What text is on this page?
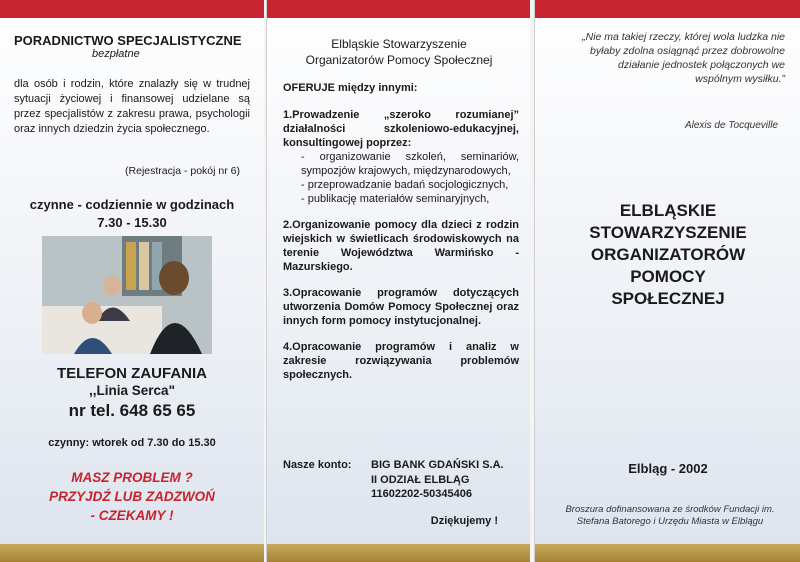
PORADNICTWO SPECJALISTYCZNE
bezpłatne
dla osób i rodzin, które znalazły się w trudnej sytuacji życiowej i finansowej udzielane są przez specjalistów z zakresu prawa, psychologii oraz innych dziedzin życia społecznego.
(Rejestracja - pokój nr 6)
czynne - codziennie w godzinach
7.30 - 15.30
TELEFON ZAUFANIA
,,Linia Serca"
nr tel. 648 65 65
czynny: wtorek od 7.30 do 15.30
MASZ PROBLEM ?
PRZYJDŹ LUB ZADZWOŃ
- CZEKAMY !
Elbląskie Stowarzyszenie
Organizatorów Pomocy Społecznej
OFERUJE między innymi:
1.Prowadzenie „szeroko rozumianej” działalności szkoleniowo-edukacyjnej, konsultingowej poprzez:
- organizowanie szkoleń, seminariów, sympozjów krajowych, międzynarodowych,
- przeprowadzanie badań socjologicznych,
- publikację materiałów seminaryjnych,
2.Organizowanie pomocy dla dzieci z rodzin wiejskich w świetlicach środowiskowych na terenie Województwa Warmińsko - Mazurskiego.
3.Opracowanie programów dotyczących utworzenia Domów Pomocy Społecznej oraz innych form pomocy instytucjonalnej.
4.Opracowanie programów i analiz w zakresie rozwiązywania problemów społecznych.
Nasze konto:	BIG BANK GDAŃSKI S.A.
II ODZIAŁ ELBLĄG
11602202-50345406
Dziękujemy !
„Nie ma takiej rzeczy, której wola ludzka nie byłaby zdolna osiągnąć przez dobrowolne działanie jednostek połączonych we wspólnym wysiłku.”
Alexis de Tocqueville
ELBLĄSKIE
STOWARZYSZENIE
ORGANIZATORÓW
POMOCY
SPOŁECZNEJ
Elbląg - 2002
Broszura dofinansowana ze środków Fundacji im. Stefana Batorego i Urzędu Miasta w Elblągu
